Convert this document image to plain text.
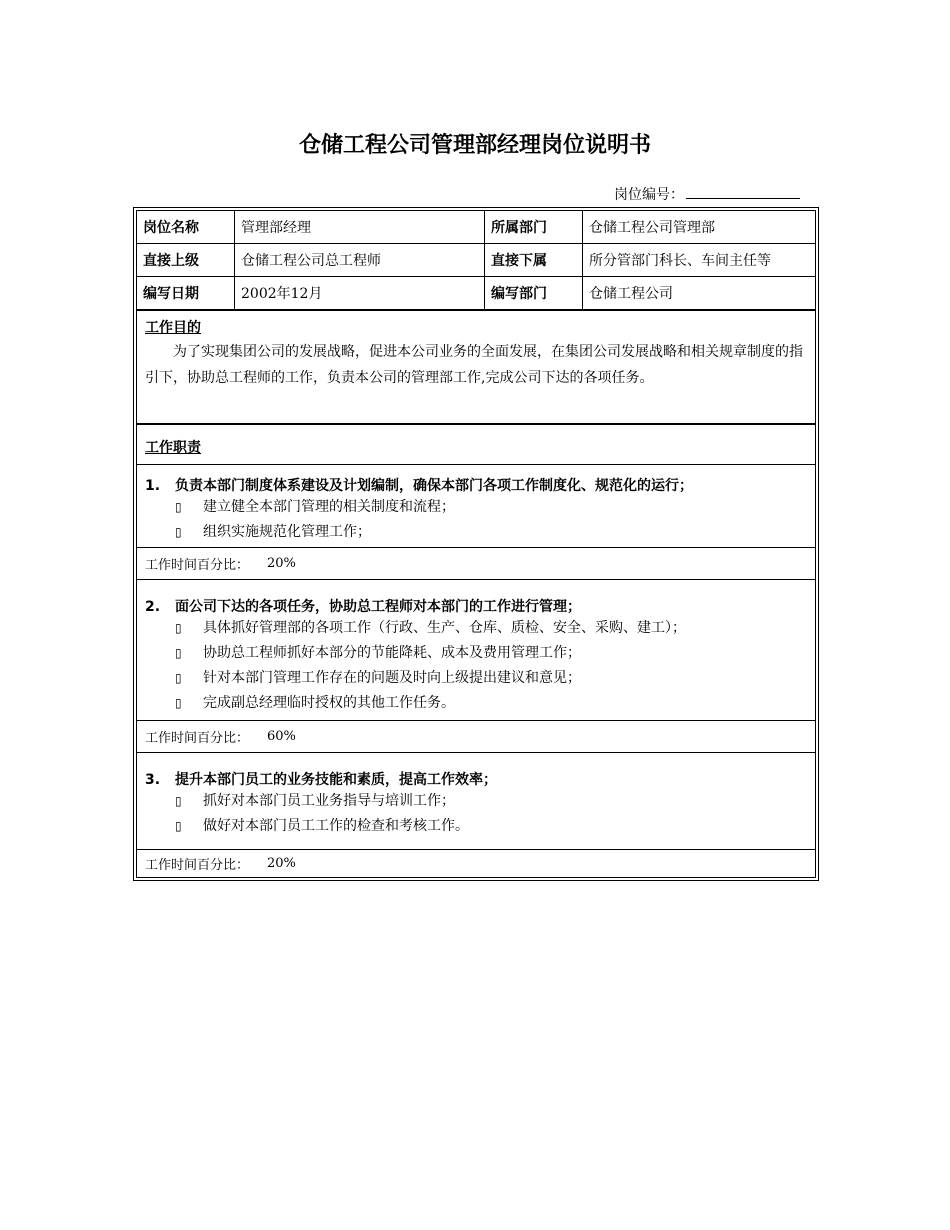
仓储工程公司管理部经理岗位说明书
岗位编号：
岗位名称	管理部经理	所属部门	仓储工程公司管理部
直接上级	仓储工程公司总工程师	直接下属	所分管部门科长、车间主任等
编写日期	2002年12月	编写部门	仓储工程公司
工作目的
为了实现集团公司的发展战略，促进本公司业务的全面发展，在集团公司发展战略和相关规章制度的指引下，协助总工程师的工作，负责本公司的管理部工作,完成公司下达的各项任务。
工作职责
1. 负责本部门制度体系建设及计划编制，确保本部门各项工作制度化、规范化的运行；
▯ 建立健全本部门管理的相关制度和流程；
▯ 组织实施规范化管理工作；
工作时间百分比： 20%
2. 面公司下达的各项任务，协助总工程师对本部门的工作进行管理；
▯ 具体抓好管理部的各项工作（行政、生产、仓库、质检、安全、采购、建工）；
▯ 协助总工程师抓好本部分的节能降耗、成本及费用管理工作；
▯ 针对本部门管理工作存在的问题及时向上级提出建议和意见；
▯ 完成副总经理临时授权的其他工作任务。
工作时间百分比： 60%
3. 提升本部门员工的业务技能和素质，提高工作效率；
▯ 抓好对本部门员工业务指导与培训工作；
▯ 做好对本部门员工工作的检查和考核工作。
工作时间百分比： 20%
